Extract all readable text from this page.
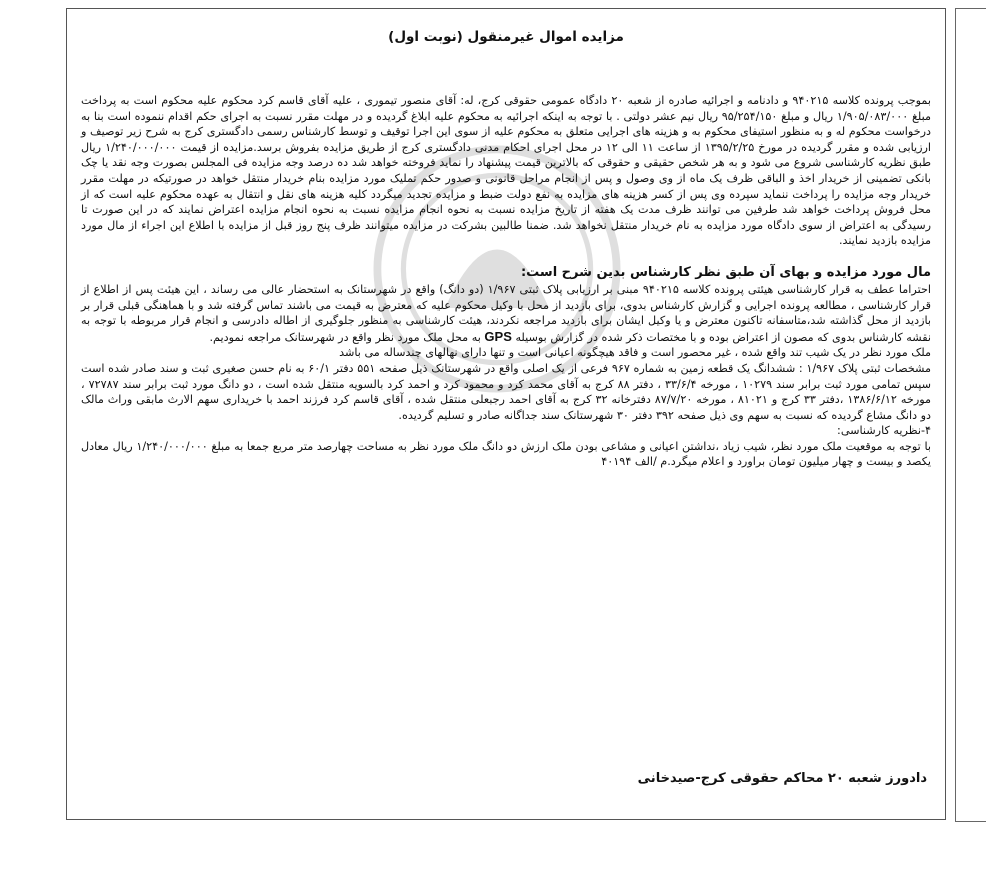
مزایده اموال غیرمنقول (نوبت اول)

بموجب پرونده کلاسه ۹۴۰۲۱۵ و دادنامه و اجرائیه صادره از شعبه ۲۰ دادگاه عمومی حقوقی کرج، له: آقای منصور تیموری ، علیه آقای قاسم کرد محکوم علیه محکوم است به پرداخت مبلغ ۱/۹۰۵/۰۸۳/۰۰۰ ریال و مبلغ ۹۵/۲۵۴/۱۵۰ ریال نیم عشر دولتی . با توجه به اینکه اجرائیه به محکوم علیه ابلاغ گردیده و در مهلت مقرر نسبت به اجرای حکم اقدام ننموده است بنا به درخواست محکوم له و به منظور استیفای محکوم به و هزینه های اجرایی متعلق به محکوم علیه از سوی این اجرا توقیف و توسط کارشناس رسمی دادگستری کرج به شرح زیر توصیف و ارزیابی شده و مقرر گردیده در مورخ ۱۳۹۵/۲/۲۵ از ساعت ۱۱ الی ۱۲ در محل اجرای احکام مدنی دادگستری کرج از طریق مزایده بفروش برسد.مزایده از قیمت ۱/۲۴۰/۰۰۰/۰۰۰ ریال طبق نظریه کارشناسی شروع می شود و به هر شخص حقیقی و حقوقی که بالاترین قیمت پیشنهاد را نماید فروخته خواهد شد ده درصد وجه مزایده فی المجلس بصورت وجه نقد یا چک بانکی تضمینی از خریدار اخذ و الباقی ظرف یک ماه از وی وصول و پس از انجام مراحل قانونی و صدور حکم تملیک مورد مزایده بنام خریدار منتقل خواهد در صورتیکه در مهلت مقرر خریدار وجه مزایده را پرداخت ننماید سپرده وی پس از کسر هزینه های مزایده به نفع دولت ضبط و مزایده تجدید میگردد کلیه هزینه های نقل و انتقال به عهده محکوم علیه است که از محل فروش پرداخت خواهد شد طرفین می توانند ظرف مدت یک هفته از تاریخ مزایده نسبت به نحوه انجام مزایده نسبت به نحوه انجام مزایده اعتراض نمایند که در این صورت تا رسیدگی به اعتراض از سوی دادگاه مورد مزایده به نام خریدار منتقل نخواهد شد. ضمنا طالبین بشرکت در مزایده میتوانند ظرف پنج روز قبل از مزایده با اطلاع این اجراء از مال مورد مزایده بازدید نمایند.

مال مورد مزایده و بهای آن طبق نظر کارشناس بدین شرح است:

احتراما عطف به قرار کارشناسی هیئتی پرونده کلاسه ۹۴۰۲۱۵ مبنی بر ارزیابی پلاک ثبتی ۱/۹۶۷ (دو دانگ) واقع در شهرستانک به استحضار عالی می رساند ، این هیئت پس از اطلاع از قرار کارشناسی ، مطالعه پرونده اجرایی و گزارش کارشناس بدوی، برای بازدید از محل با وکیل محکوم علیه که معترض به قیمت می باشند تماس گرفته شد و با هماهنگی قبلی قرار بر بازدید از محل گذاشته شد،متاسفانه تاکنون معترض و یا وکیل ایشان برای بازدید مراجعه نکردند، هیئت کارشناسی به منظور جلوگیری از اطاله دادرسی و انجام قرار مربوطه با توجه به نقشه کارشناس بدوی که مصون از اعتراض بوده و با مختصات ذکر شده در گزارش بوسیله GPS به محل ملک مورد نظر واقع در شهرستانک مراجعه نمودیم.

ملک مورد نظر در یک شیب تند واقع شده ، غیر محصور است و فاقد هیچگونه اعیانی است و تنها دارای نهالهای چندساله می باشد

مشخصات ثبتی پلاک ۱/۹۶۷ : ششدانگ یک قطعه زمین به شماره ۹۶۷ فرعی از یک اصلی واقع در شهرستانک ذیل صفحه ۵۵۱ دفتر ۶۰/۱ به نام حسن صغیری ثبت و سند صادر شده است سپس تمامی مورد ثبت برابر سند ۱۰۲۷۹ ، مورخه ۳۳/۶/۴ ، دفتر ۸۸ کرج به آقای محمد کرد و محمود کرد و احمد کرد بالسویه منتقل شده است ، دو دانگ مورد ثبت برابر سند ۷۲۷۸۷ ، مورخه ۱۳۸۶/۶/۱۲ ،دفتر ۳۳ کرج و ۸۱۰۲۱ ، مورخه ۸۷/۷/۲۰ دفترخانه ۳۲ کرج به آقای احمد رجبعلی منتقل شده ، آقای قاسم کرد فرزند احمد با خریداری سهم الارث مابقی وراث مالک دو دانگ مشاع گردیده که نسبت به سهم وی ذیل صفحه ۳۹۲ دفتر ۳۰ شهرستانک سند جداگانه صادر و تسلیم گردیده.

۴-نظریه کارشناسی:

با توجه به موقعیت ملک مورد نظر، شیب زیاد ،نداشتن اعیانی و مشاعی بودن ملک ارزش دو دانگ ملک مورد نظر به مساحت چهارصد متر مربع جمعا به مبلغ ۱/۲۴۰/۰۰۰/۰۰۰ ریال معادل یکصد و بیست و چهار میلیون تومان براورد و اعلام میگرد.م /الف ۴۰۱۹۴

دادورز شعبه ۲۰ محاکم حقوقی کرج-صیدخانی
